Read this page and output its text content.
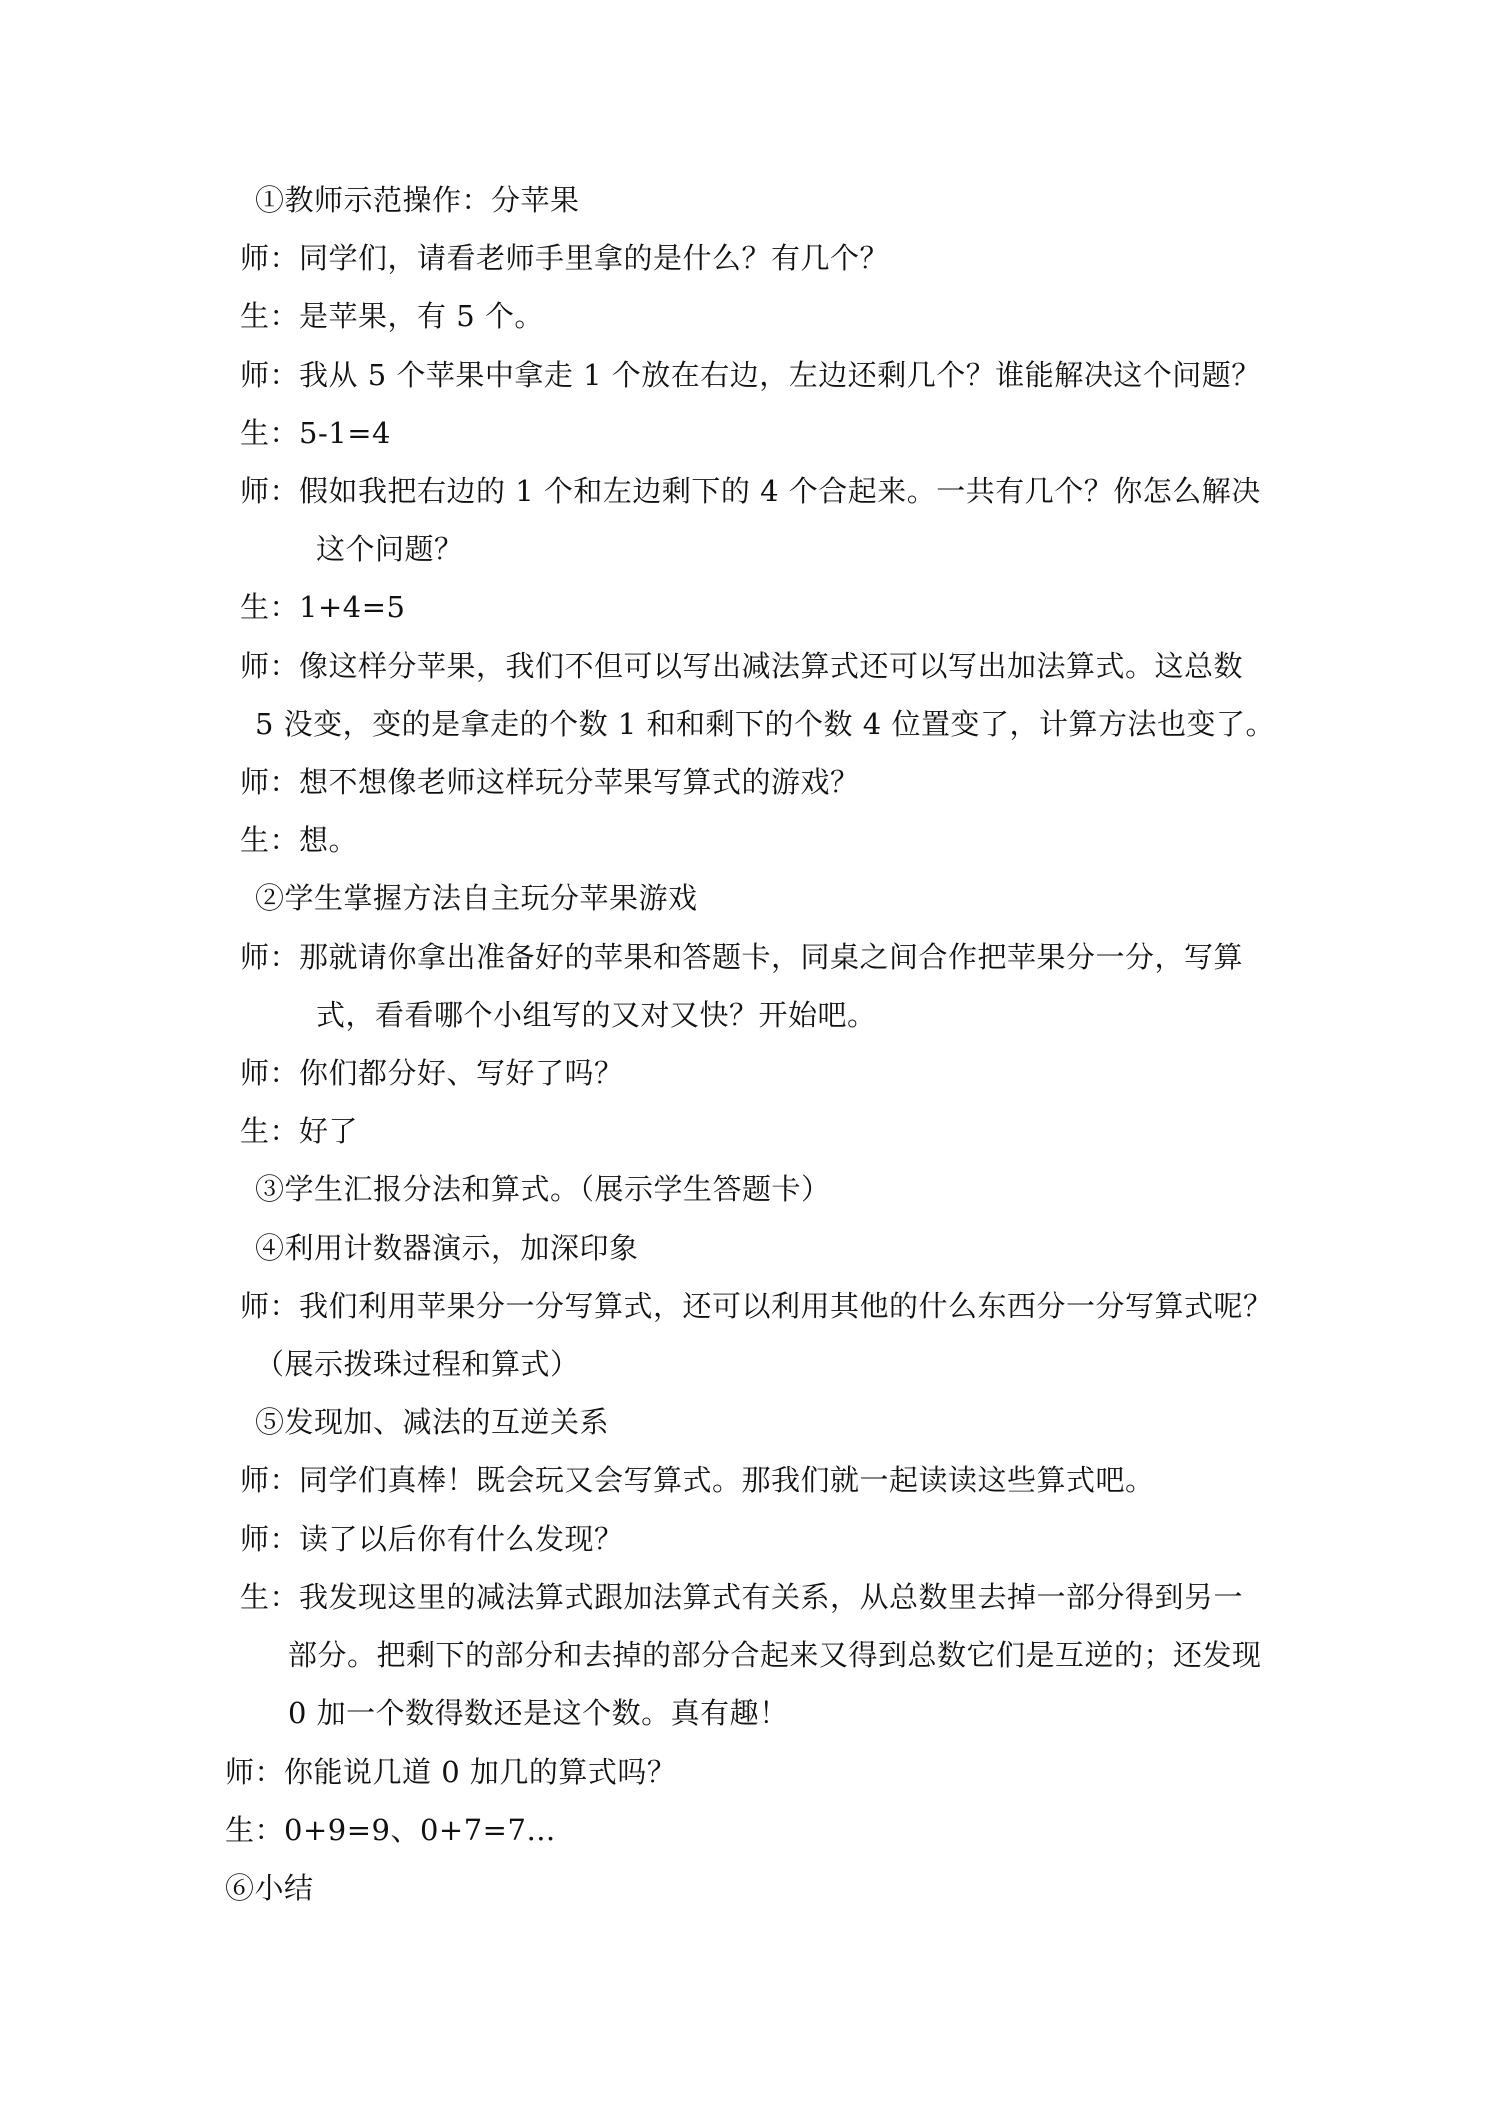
①教师示范操作：分苹果
师：同学们，请看老师手里拿的是什么？有几个？
生：是苹果，有 5 个。
师：我从 5 个苹果中拿走 1 个放在右边，左边还剩几个？谁能解决这个问题？
生：5-1=4
师：假如我把右边的 1 个和左边剩下的 4 个合起来。一共有几个？你怎么解决
这个问题？
生：1+4=5
师：像这样分苹果，我们不但可以写出减法算式还可以写出加法算式。这总数
5 没变，变的是拿走的个数 1 和和剩下的个数 4 位置变了，计算方法也变了。
师：想不想像老师这样玩分苹果写算式的游戏？
生：想。
②学生掌握方法自主玩分苹果游戏
师：那就请你拿出准备好的苹果和答题卡，同桌之间合作把苹果分一分，写算
式，看看哪个小组写的又对又快？开始吧。
师：你们都分好、写好了吗？
生：好了
③学生汇报分法和算式。（展示学生答题卡）
④利用计数器演示，加深印象
师：我们利用苹果分一分写算式，还可以利用其他的什么东西分一分写算式呢？
（展示拨珠过程和算式）
⑤发现加、减法的互逆关系
师：同学们真棒！既会玩又会写算式。那我们就一起读读这些算式吧。
师：读了以后你有什么发现？
生：我发现这里的减法算式跟加法算式有关系，从总数里去掉一部分得到另一
部分。把剩下的部分和去掉的部分合起来又得到总数它们是互逆的；还发现
0 加一个数得数还是这个数。真有趣！
师：你能说几道 0 加几的算式吗？
生：0+9=9、0+7=7…
⑥小结
